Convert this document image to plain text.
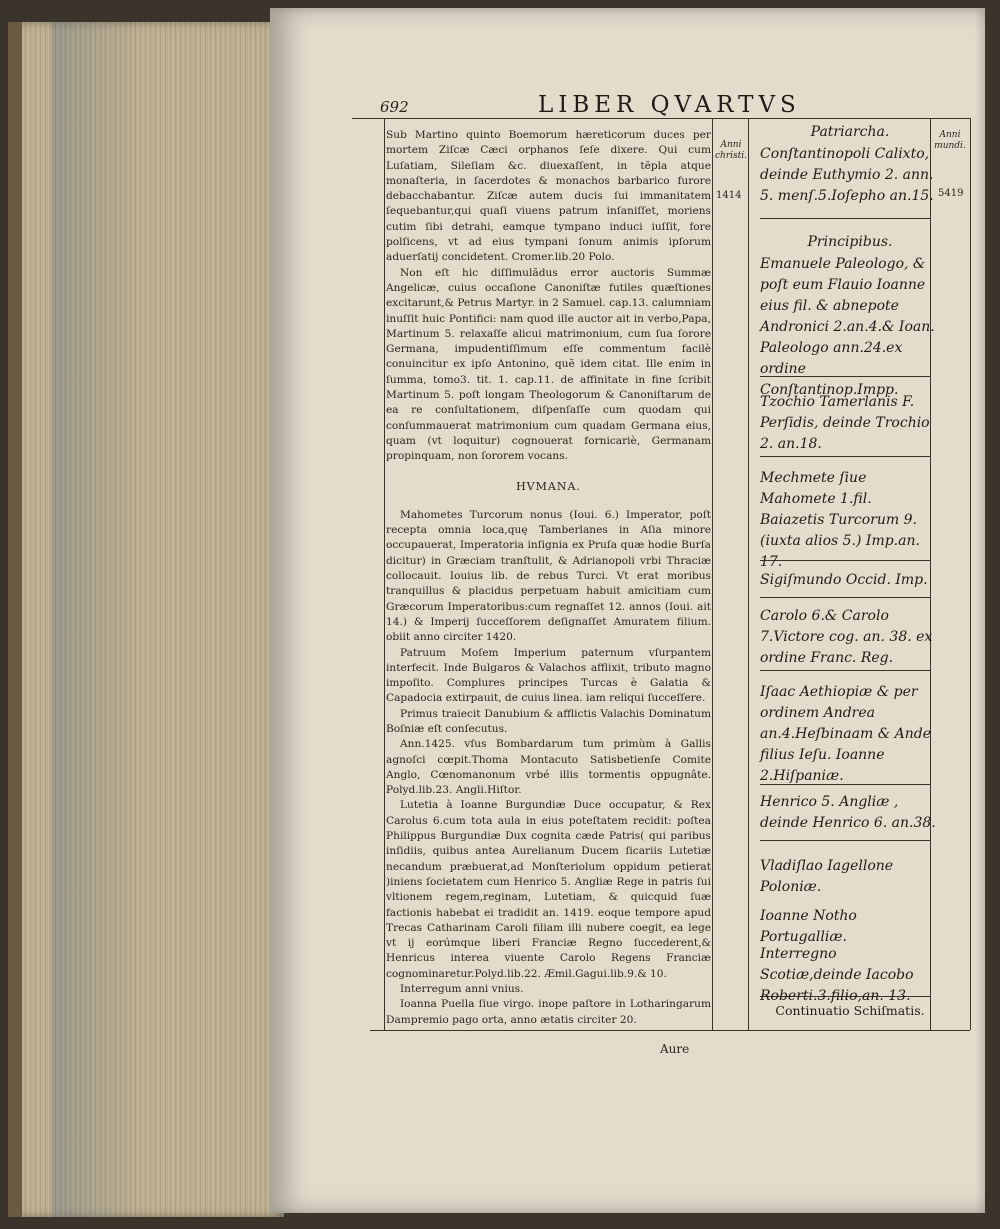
692	LIBER QVARTVS
Anni christi.
1414
Anni mundi.
5419

Sub Martino quinto Boemorum hæreticorum duces per mortem Ziſcæ Cæci orphanos ſeſe dixere. Qui cum Luſatiam, Sileſiam &c. diuexaſſent, in tẽpla atque monaſteria, in ſacerdotes & monachos barbarico furore debacchabantur. Ziſcæ autem ducis ſui immanitatem ſequebantur,qui quaſi viuens patrum inſaniſſet, moriens cutim ſibi detrahi, eamque tympano induci iuſſit, fore polſicens, vt ad eius tympani ſonum animis ipſorum aduerſatij concidetent. Cromer.lib.20 Polo.

Non eſt hic diſſimulãdus error auctoris Summæ Angelicæ, cuius occaſione Canoniſtæ futiles quæſtiones excitarunt,& Petrus Martyr. in 2 Samuel. cap.13. calumniam inuſſit huic Pontifici: nam quod ille auctor ait in verbo,Papa, Martinum 5. relaxaſſe alicui matrimonium, cum ſua ſorore Germana, impudentiſſimum eſſe commentum facilè conuincitur ex ipſo Antonino, quẽ idem citat. Ille enim in ſumma, tomo3. tit. 1. cap.11. de affinitate in fine ſcribit Martinum 5. poſt longam Theologorum & Canoniſtarum de ea re conſultationem, diſpenſaſſe cum quodam qui conſummauerat matrimonium cum quadam Germana eius, quam (vt loquitur) cognouerat fornicariè, Germanam propinquam, non ſororem vocans.

HVMANA.

Mahometes Turcorum nonus (Ioui. 6.) Imperator, poſt recepta omnia loca,quę Tamberlanes in Aſia minore occupauerat, Imperatoria inſignia ex Pruſa quæ hodie Burſa dicitur) in Græciam tranſtulit, & Adrianopoli vrbi Thraciæ collocauit. Iouius lib. de rebus Turci. Vt erat moribus tranquillus & placidus perpetuam habuit amicitiam cum Græcorum Imperatoribus:cum regnaſſet 12. annos (Ioui. ait 14.) & Imperij ſucceſſorem deſignaſſet Amuratem filium. obiit anno circiter 1420.

Patruum Moſem Imperium paternum vſurpantem interfecit. Inde Bulgaros & Valachos afflixit, tributo magno impoſito. Complures principes Turcas è Galatia & Capadocia extirpauit, de cuius linea. iam reliqui ſucceſſere.

Primus traiecit Danubium & afflictis Valachis Dominatum Boſniæ eſt conſecutus.

Ann.1425. vſus Bombardarum tum primùm à Gallis agnoſci cœpit.Thoma Montacuto Satisbetienſe Comite Anglo, Cœnomanonum vrbé illis tormentis oppugnâte. Polyd.lib.23. Angli.Hiſtor.

Lutetia à Ioanne Burgundiæ Duce occupatur, & Rex Carolus 6.cum tota aula in eius poteſtatem recidit: poſtea Philippus Burgundiæ Dux cognita cæde Patris( qui paribus inſidiis, quibus antea Aurelianum Ducem ſicariis Lutetiæ necandum præbuerat,ad Monſteriolum oppidum petierat )iniens ſocietatem cum Henrico 5. Angliæ Rege in patris ſui vltionem regem,reginam, Lutetiam, & quicquid ſuæ factionis habebat ei tradidit an. 1419. eoque tempore apud Trecas Catharinam Caroli filiam illi nubere coegit, ea lege vt ij eorúmque liberi Franciæ Regno ſuccederent,& Henricus interea viuente Carolo Regens Franciæ cognominaretur.Polyd.lib.22. Æmil.Gagui.lib.9.& 10.

Interregum anni vnius.

Ioanna Puella ſiue virgo. inope paſtore in Lotharingarum Dampremio pago orta, anno ætatis circiter 20.

Aure
Patriarcha.
Conſtantinopoli Calixto, deinde Euthymio 2. ann. 5. menſ.5.Ioſepho an.15.
Principibus.
Emanuele Paleologo, & poſt eum Flauio Ioanne eius fil. & abnepote Andronici 2.an.4.& Ioan. Paleologo ann.24.ex ordine Conſtantinop.Impp.
Tzochio Tamerlanis F. Perſidis, deinde Trochio 2. an.18.
Mechmete ſiue Mahomete 1.fil. Baiazetis Turcorum 9. (iuxta alios 5.) Imp.an. 17.
Sigiſmundo Occid. Imp.
Carolo 6.& Carolo 7.Victore cog. an. 38. ex ordine Franc. Reg.
Iſaac Aethiopiæ & per ordinem Andrea an.4.Heſbinaam & Ande filius Ieſu. Ioanne 2.Hiſpaniæ.
Henrico 5. Angliæ , deinde Henrico 6. an.38.
Vladiſlao Iagellone Poloniæ.
Ioanne Notho Portugalliæ.
Interregno Scotiæ,deinde Iacobo Roberti.3.filio,an. 13.
Continuatio Schiſmatis.
